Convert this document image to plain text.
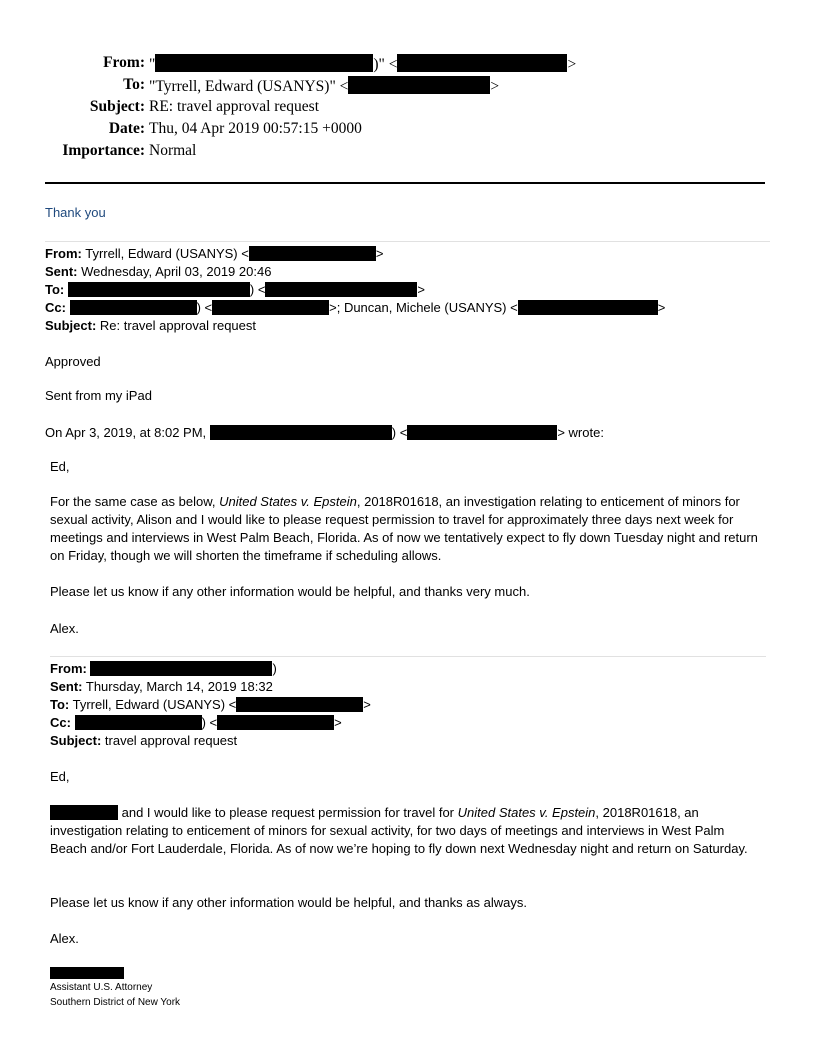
From: "	)" <	>
To: "Tyrrell, Edward (USANYS)" <	>
Subject: RE: travel approval request
Date: Thu, 04 Apr 2019 00:57:15 +0000
Importance: Normal
Thank you
From: Tyrrell, Edward (USANYS) <	>
Sent: Wednesday, April 03, 2019 20:46
To:	) <	>
Cc:	) <	>; Duncan, Michele (USANYS) <	>
Subject: Re: travel approval request
Approved
Sent from my iPad
On Apr 3, 2019, at 8:02 PM,	) <	> wrote:
Ed,
For the same case as below, United States v. Epstein, 2018R01618, an investigation relating to enticement of minors for sexual activity, Alison and I would like to please request permission to travel for approximately three days next week for meetings and interviews in West Palm Beach, Florida. As of now we tentatively expect to fly down Tuesday night and return on Friday, though we will shorten the timeframe if scheduling allows.
Please let us know if any other information would be helpful, and thanks very much.
Alex.
From:	)
Sent: Thursday, March 14, 2019 18:32
To: Tyrrell, Edward (USANYS) <	>
Cc:	) <	>
Subject: travel approval request
Ed,
and I would like to please request permission for travel for United States v. Epstein, 2018R01618, an investigation relating to enticement of minors for sexual activity, for two days of meetings and interviews in West Palm Beach and/or Fort Lauderdale, Florida. As of now we’re hoping to fly down next Wednesday night and return on Saturday.
Please let us know if any other information would be helpful, and thanks as always.
Alex.
Assistant U.S. Attorney
Southern District of New York
